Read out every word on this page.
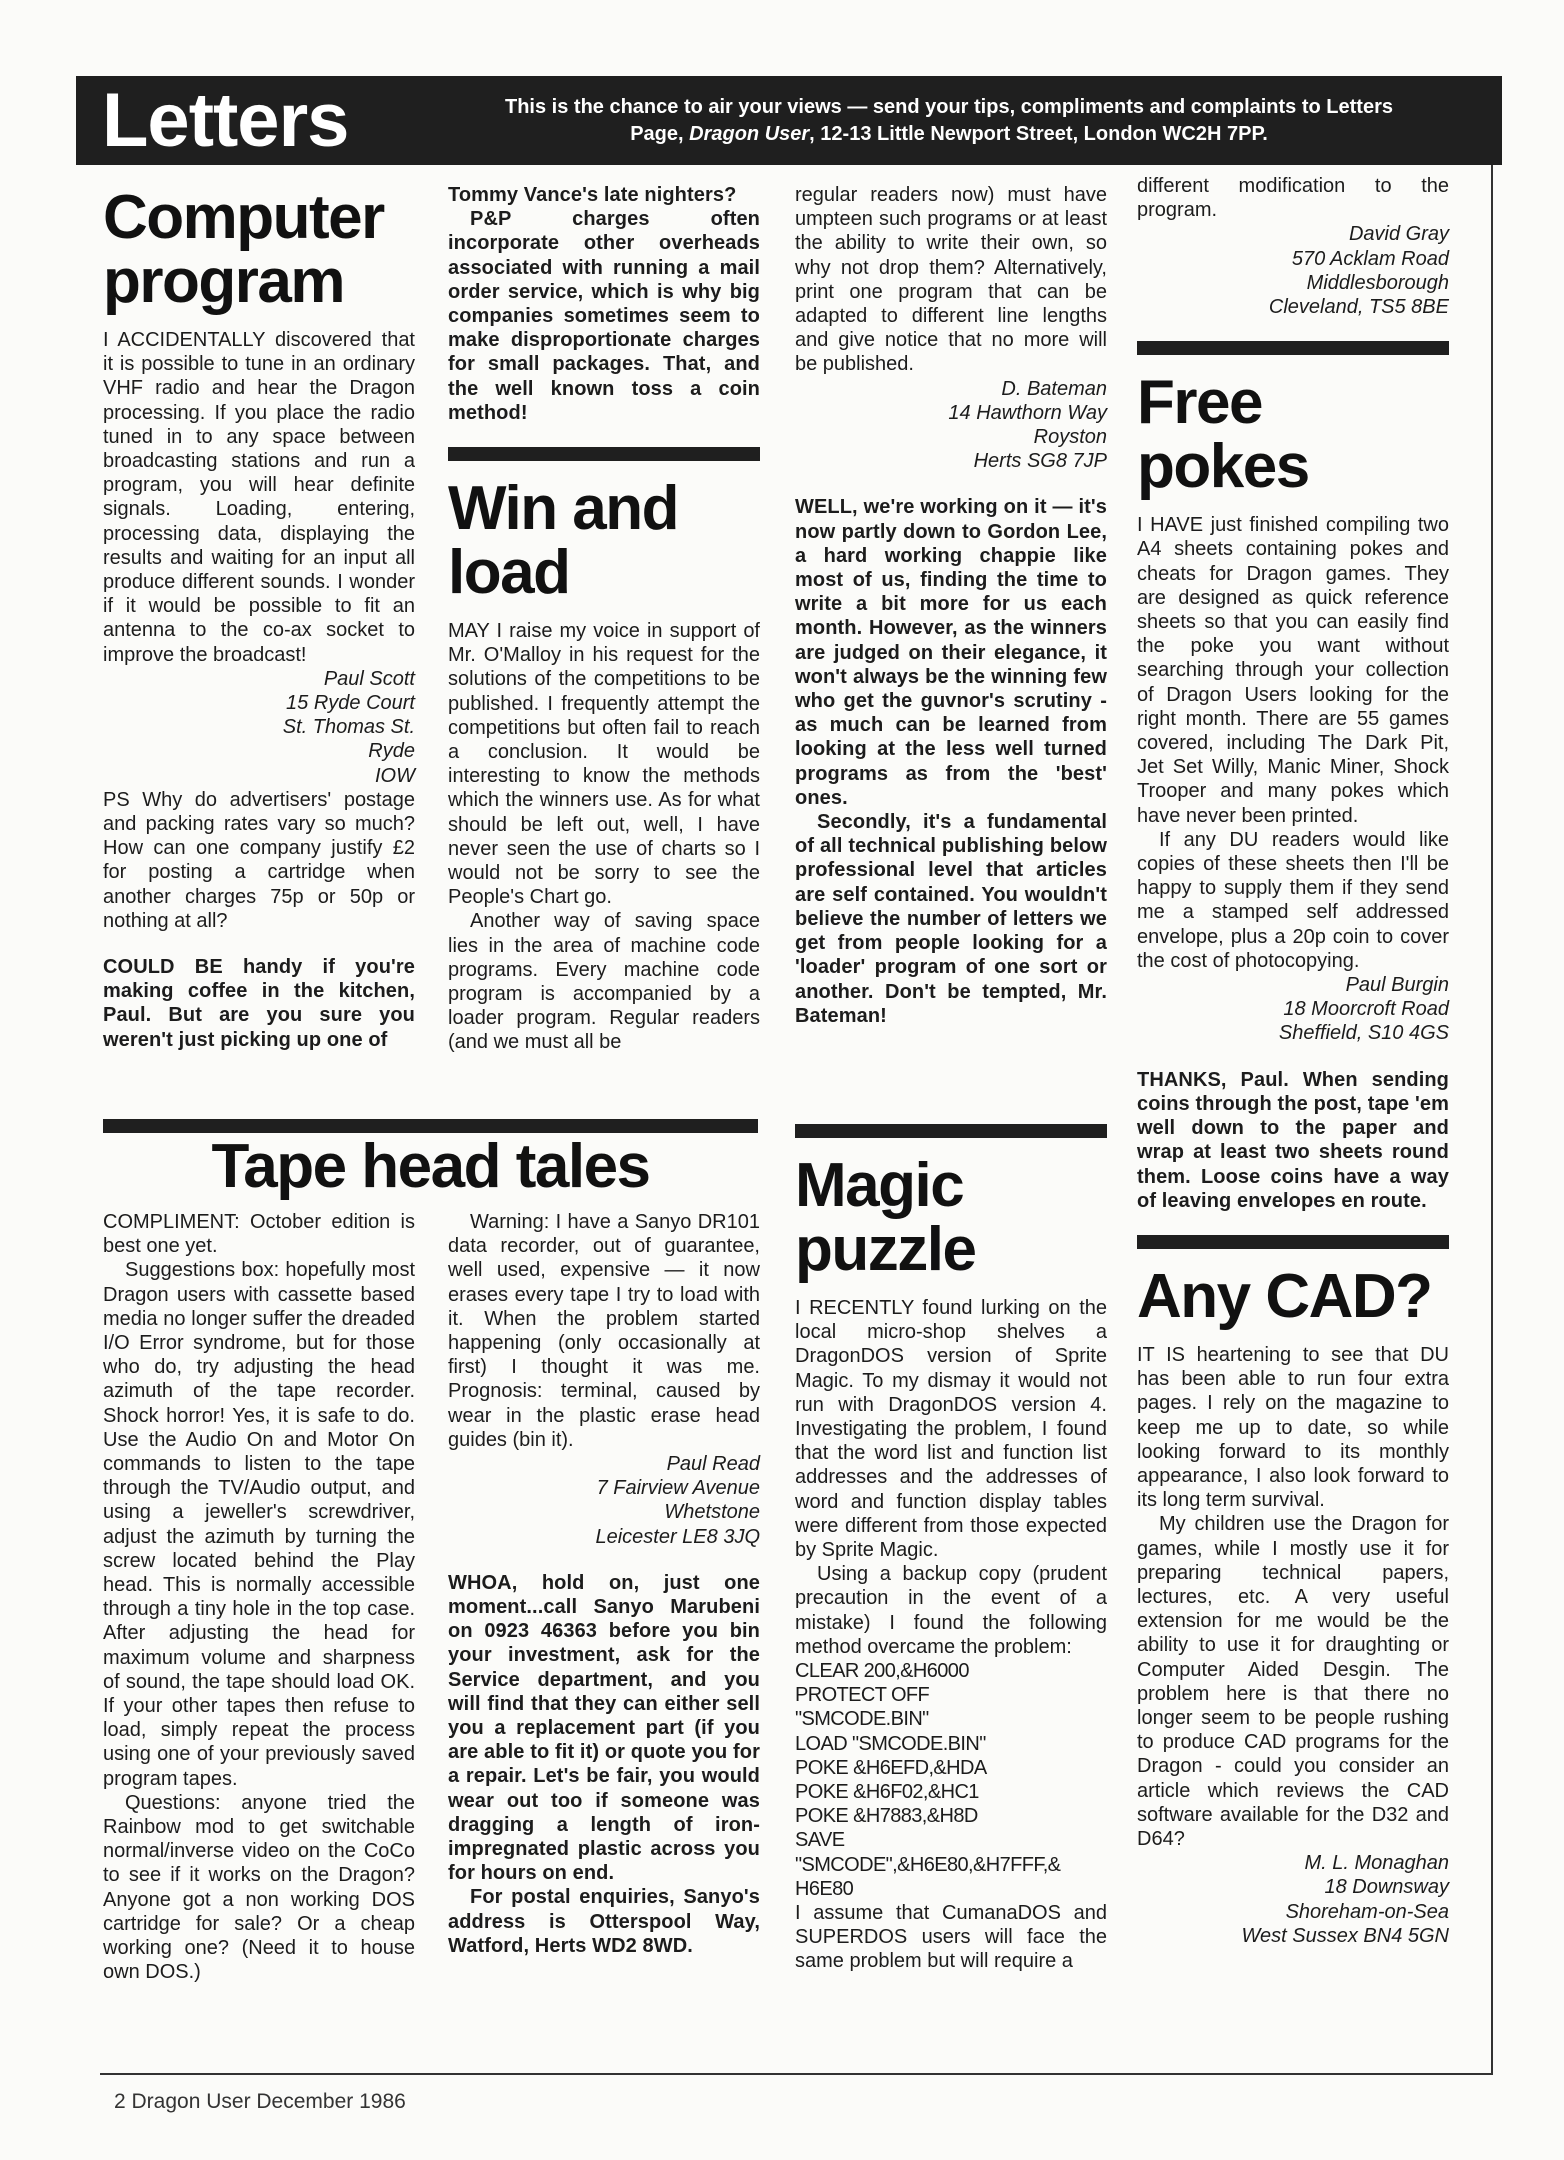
Letters	This is the chance to air your views — send your tips, compliments and complaints to Letters
Page, Dragon User, 12-13 Little Newport Street, London WC2H 7PP.
Computer program

I ACCIDENTALLY discovered that it is possible to tune in an ordinary VHF radio and hear the Dragon processing. If you place the radio tuned in to any space between broadcasting stations and run a program, you will hear definite signals. Loading, entering, processing data, displaying the results and waiting for an input all produce different sounds. I wonder if it would be possible to fit an antenna to the co-ax socket to improve the broadcast!

Paul Scott
15 Ryde Court
St. Thomas St.
Ryde
IOW

PS Why do advertisers' postage and packing rates vary so much? How can one company justify £2 for posting a cartridge when another charges 75p or 50p or nothing at all?

COULD BE handy if you're making coffee in the kitchen, Paul. But are you sure you weren't just picking up one of

Tommy Vance's late nighters?

P&P charges often incorporate other overheads associated with running a mail order service, which is why big companies sometimes seem to make disproportionate charges for small packages. That, and the well known toss a coin method!

Win and load

MAY I raise my voice in support of Mr. O'Malloy in his request for the solutions of the competitions to be published. I frequently attempt the competitions but often fail to reach a conclusion. It would be interesting to know the methods which the winners use. As for what should be left out, well, I have never seen the use of charts so I would not be sorry to see the People's Chart go.

Another way of saving space lies in the area of machine code programs. Every machine code program is accompanied by a loader program. Regular readers (and we must all be

regular readers now) must have umpteen such programs or at least the ability to write their own, so why not drop them? Alternatively, print one program that can be adapted to different line lengths and give notice that no more will be published.

D. Bateman
14 Hawthorn Way
Royston
Herts SG8 7JP

WELL, we're working on it — it's now partly down to Gordon Lee, a hard working chappie like most of us, finding the time to write a bit more for us each month. However, as the winners are judged on their elegance, it won't always be the winning few who get the guvnor's scrutiny - as much can be learned from looking at the less well turned programs as from the 'best' ones.

Secondly, it's a fundamental of all technical publishing below professional level that articles are self contained. You wouldn't believe the number of letters we get from people looking for a 'loader' program of one sort or another. Don't be tempted, Mr. Bateman!

different modification to the program.

David Gray
570 Acklam Road
Middlesborough
Cleveland, TS5 8BE
Free pokes

I HAVE just finished compiling two A4 sheets containing pokes and cheats for Dragon games. They are designed as quick reference sheets so that you can easily find the poke you want without searching through your collection of Dragon Users looking for the right month. There are 55 games covered, including The Dark Pit, Jet Set Willy, Manic Miner, Shock Trooper and many pokes which have never been printed.

If any DU readers would like copies of these sheets then I'll be happy to supply them if they send me a stamped self addressed envelope, plus a 20p coin to cover the cost of photocopying.

Paul Burgin
18 Moorcroft Road
Sheffield, S10 4GS

THANKS, Paul. When sending coins through the post, tape 'em well down to the paper and wrap at least two sheets round them. Loose coins have a way of leaving envelopes en route.

Any CAD?

IT IS heartening to see that DU has been able to run four extra pages. I rely on the magazine to keep me up to date, so while looking forward to its monthly appearance, I also look forward to its long term survival.

My children use the Dragon for games, while I mostly use it for preparing technical papers, lectures, etc. A very useful extension for me would be the ability to use it for draughting or Computer Aided Desgin. The problem here is that there no longer seem to be people rushing to produce CAD programs for the Dragon - could you consider an article which reviews the CAD software available for the D32 and D64?

M. L. Monaghan
18 Downsway
Shoreham-on-Sea
West Sussex BN4 5GN
Tape head tales

COMPLIMENT: October edition is best one yet.

Suggestions box: hopefully most Dragon users with cassette based media no longer suffer the dreaded I/O Error syndrome, but for those who do, try adjusting the head azimuth of the tape recorder. Shock horror! Yes, it is safe to do. Use the Audio On and Motor On commands to listen to the tape through the TV/Audio output, and using a jeweller's screwdriver, adjust the azimuth by turning the screw located behind the Play head. This is normally accessible through a tiny hole in the top case. After adjusting the head for maximum volume and sharpness of sound, the tape should load OK. If your other tapes then refuse to load, simply repeat the process using one of your previously saved program tapes.

Questions: anyone tried the Rainbow mod to get switchable normal/inverse video on the CoCo to see if it works on the Dragon? Anyone got a non working DOS cartridge for sale? Or a cheap working one? (Need it to house own DOS.)

Warning: I have a Sanyo DR101 data recorder, out of guarantee, well used, expensive — it now erases every tape I try to load with it. When the problem started happening (only occasionally at first) I thought it was me. Prognosis: terminal, caused by wear in the plastic erase head guides (bin it).

Paul Read
7 Fairview Avenue
Whetstone
Leicester LE8 3JQ

WHOA, hold on, just one moment...call Sanyo Marubeni on 0923 46363 before you bin your investment, ask for the Service department, and you will find that they can either sell you a replacement part (if you are able to fit it) or quote you for a repair. Let's be fair, you would wear out too if someone was dragging a length of iron-impregnated plastic across you for hours on end.

For postal enquiries, Sanyo's address is Otterspool Way, Watford, Herts WD2 8WD.

Magic puzzle

I RECENTLY found lurking on the local micro-shop shelves a DragonDOS version of Sprite Magic. To my dismay it would not run with DragonDOS version 4. Investigating the problem, I found that the word list and function list addresses and the addresses of word and function display tables were different from those expected by Sprite Magic.

Using a backup copy (prudent precaution in the event of a mistake) I found the following method overcame the problem:

CLEAR 200,&H6000
PROTECT OFF
"SMCODE.BIN"
LOAD "SMCODE.BIN"
POKE &H6EFD,&HDA
POKE &H6F02,&HC1
POKE &H7883,&H8D
SAVE
"SMCODE",&H6E80,&H7FFF,&
H6E80

I assume that CumanaDOS and SUPERDOS users will face the same problem but will require a

2 Dragon User December 1986
